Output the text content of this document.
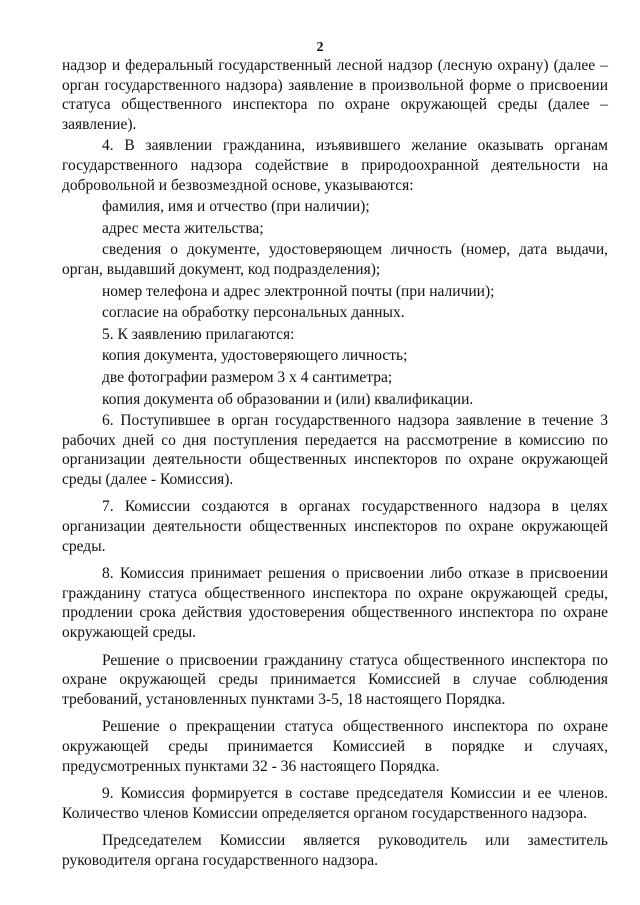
2

надзор и федеральный государственный лесной надзор (лесную охрану) (далее – орган государственного надзора) заявление в произвольной форме о присвоении статуса общественного инспектора по охране окружающей среды (далее – заявление).

4. В заявлении гражданина, изъявившего желание оказывать органам государственного надзора содействие в природоохранной деятельности на добровольной и безвозмездной основе, указываются:

фамилия, имя и отчество (при наличии);

адрес места жительства;

сведения о документе, удостоверяющем личность (номер, дата выдачи, орган, выдавший документ, код подразделения);

номер телефона и адрес электронной почты (при наличии);

согласие на обработку персональных данных.

5. К заявлению прилагаются:

копия документа, удостоверяющего личность;

две фотографии размером 3 х 4 сантиметра;

копия документа об образовании и (или) квалификации.

6. Поступившее в орган государственного надзора заявление в течение 3 рабочих дней со дня поступления передается на рассмотрение в комиссию по организации деятельности общественных инспекторов по охране окружающей среды (далее - Комиссия).

7. Комиссии создаются в органах государственного надзора в целях организации деятельности общественных инспекторов по охране окружающей среды.

8. Комиссия принимает решения о присвоении либо отказе в присвоении гражданину статуса общественного инспектора по охране окружающей среды, продлении срока действия удостоверения общественного инспектора по охране окружающей среды.

Решение о присвоении гражданину статуса общественного инспектора по охране окружающей среды принимается Комиссией в случае соблюдения требований, установленных пунктами 3-5, 18 настоящего Порядка.

Решение о прекращении статуса общественного инспектора по охране окружающей среды принимается Комиссией в порядке и случаях, предусмотренных пунктами 32 - 36 настоящего Порядка.

9. Комиссия формируется в составе председателя Комиссии и ее членов. Количество членов Комиссии определяется органом государственного надзора.

Председателем Комиссии является руководитель или заместитель руководителя органа государственного надзора.
